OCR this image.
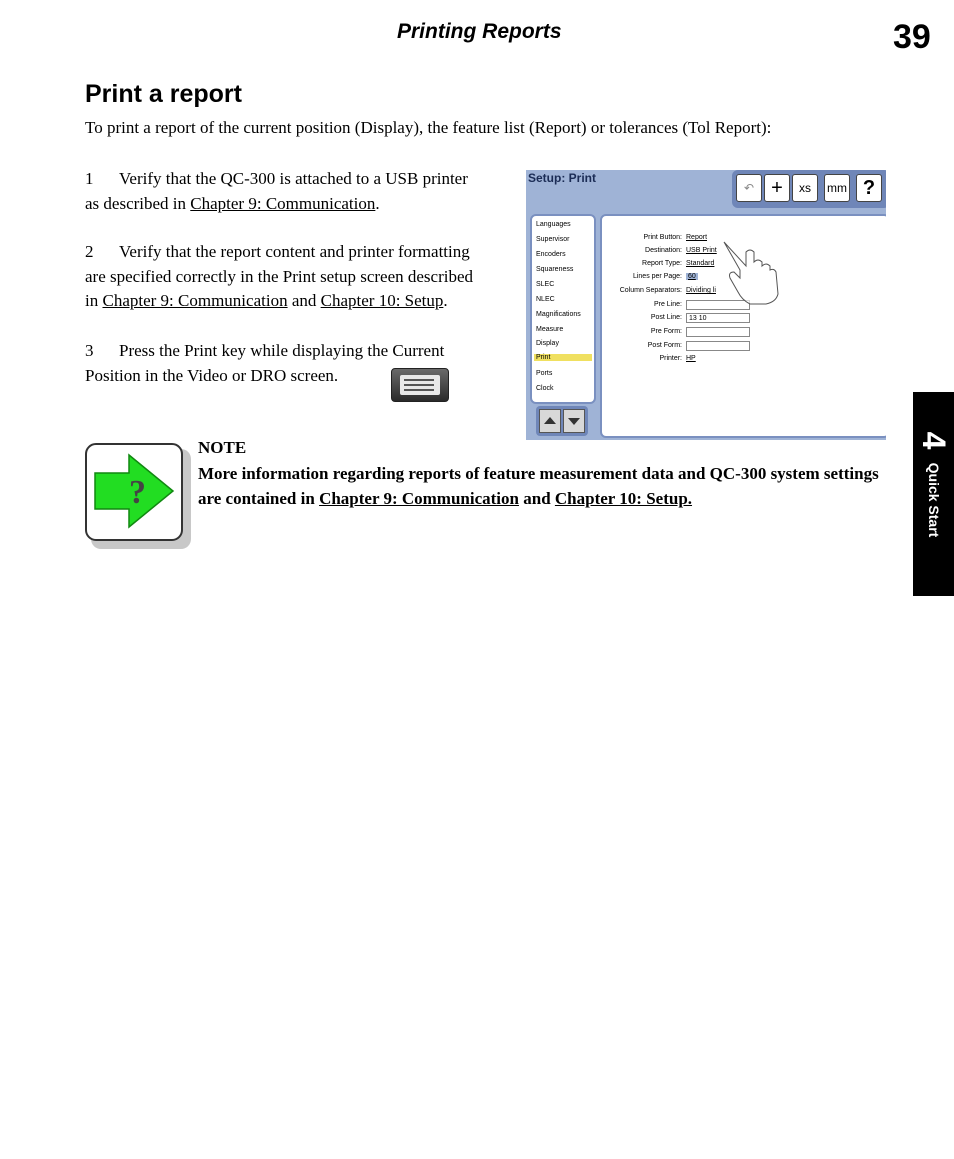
Printing Reports	39
Print a report
To print a report of the current position (Display), the feature list (Report) or tolerances (Tol Report):
1 Verify that the QC-300 is attached to a USB printer
as described in Chapter 9: Communication.
2 Verify that the report content and printer formatting
are specified correctly in the Print setup screen described
in Chapter 9: Communication and Chapter 10: Setup.
3 Press the Print key while displaying the Current
Position in the Video or DRO screen.
Setup: Print
↶ +	xs	mm ?
Languages
Supervisor
Encoders
Squareness
SLEC
NLEC
Magnifications
Measure
Display
Print
Ports
Clock
Print Button: Report
Destination: USB Print
Report Type: Standard
Lines per Page: 60
Column Separators: Dividing li
Pre Line:
Post Line:	13 10
Pre Form:
Post Form:
Printer: HP
?
NOTE
More information regarding reports of feature measurement data and QC-300 system settings are contained in Chapter 9: Communication and Chapter 10: Setup.
4
Quick Start
